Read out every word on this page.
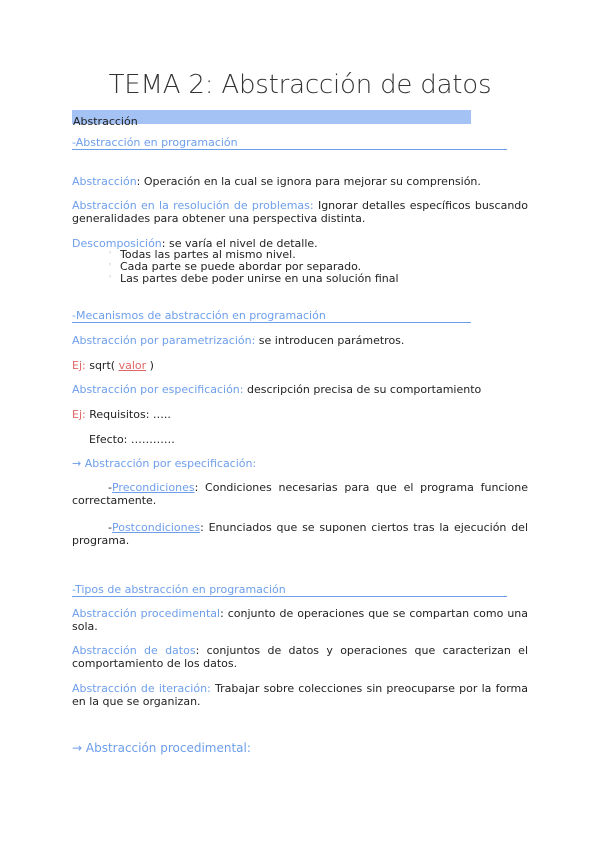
TEMA 2: Abstracción de datos
Abstracción
-Abstracción en programación
Abstracción: Operación en la cual se ignora para mejorar su comprensión.
Abstracción en la resolución de problemas: Ignorar detalles específicos buscando generalidades para obtener una perspectiva distinta.
Descomposición: se varía el nivel de detalle.
◦ Todas las partes al mismo nivel.
◦ Cada parte se puede abordar por separado.
◦ Las partes debe poder unirse en una solución final
-Mecanismos de abstracción en programación
Abstracción por parametrización: se introducen parámetros.
Ej: sqrt( valor )
Abstracción por especificación: descripción precisa de su comportamiento
Ej: Requisitos: …..
Efecto: …………
→ Abstracción por especificación:
-Precondiciones: Condiciones necesarias para que el programa funcione correctamente.
-Postcondiciones: Enunciados que se suponen ciertos tras la ejecución del programa.
-Tipos de abstracción en programación
Abstracción procedimental: conjunto de operaciones que se compartan como una sola.
Abstracción de datos: conjuntos de datos y operaciones que caracterizan el comportamiento de los datos.
Abstracción de iteración: Trabajar sobre colecciones sin preocuparse por la forma en la que se organizan.
→ Abstracción procedimental:
